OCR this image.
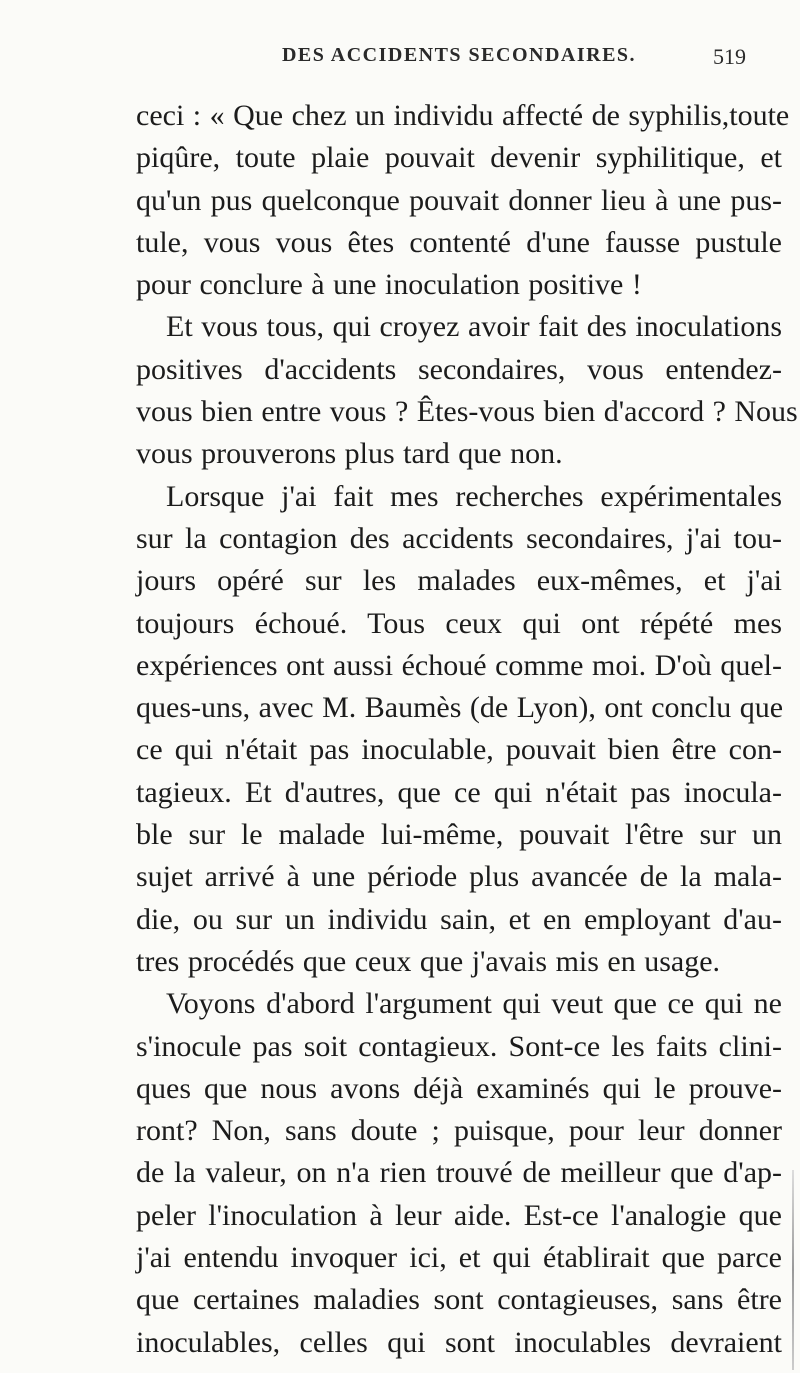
DES ACCIDENTS SECONDAIRES.	519
ceci : « Que chez un individu affecté de syphilis,toute
piqûre, toute plaie pouvait devenir syphilitique, et
qu'un pus quelconque pouvait donner lieu à une pus-
tule, vous vous êtes contenté d'une fausse pustule
pour conclure à une inoculation positive !
Et vous tous, qui croyez avoir fait des inoculations
positives d'accidents secondaires, vous entendez-
vous bien entre vous ? Êtes-vous bien d'accord ? Nous
vous prouverons plus tard que non.
Lorsque j'ai fait mes recherches expérimentales
sur la contagion des accidents secondaires, j'ai tou-
jours opéré sur les malades eux-mêmes, et j'ai
toujours échoué. Tous ceux qui ont répété mes
expériences ont aussi échoué comme moi. D'où quel-
ques-uns, avec M. Baumès (de Lyon), ont conclu que
ce qui n'était pas inoculable, pouvait bien être con-
tagieux. Et d'autres, que ce qui n'était pas inocula-
ble sur le malade lui-même, pouvait l'être sur un
sujet arrivé à une période plus avancée de la mala-
die, ou sur un individu sain, et en employant d'au-
tres procédés que ceux que j'avais mis en usage.
Voyons d'abord l'argument qui veut que ce qui ne
s'inocule pas soit contagieux. Sont-ce les faits clini-
ques que nous avons déjà examinés qui le prouve-
ront? Non, sans doute ; puisque, pour leur donner
de la valeur, on n'a rien trouvé de meilleur que d'ap-
peler l'inoculation à leur aide. Est-ce l'analogie que
j'ai entendu invoquer ici, et qui établirait que parce
que certaines maladies sont contagieuses, sans être
inoculables, celles qui sont inoculables devraient
